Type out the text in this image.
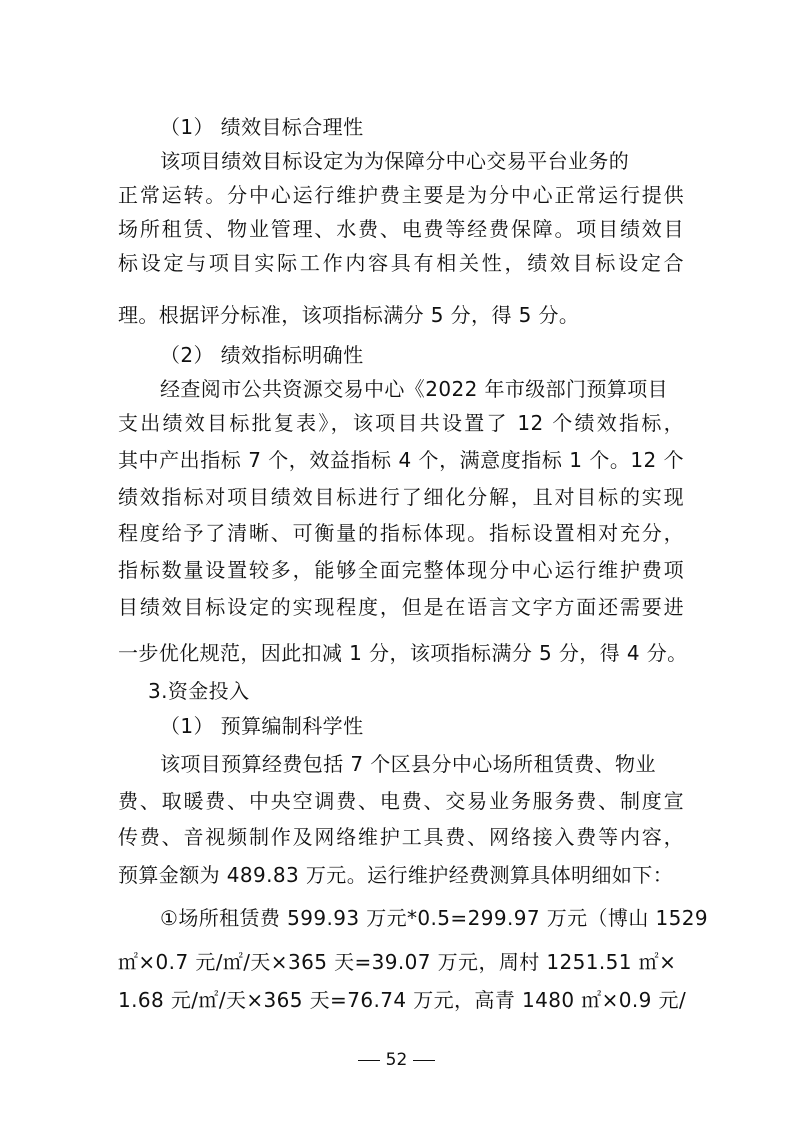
（1） 绩效目标合理性
该项目绩效目标设定为为保障分中心交易平台业务的
正常运转。分中心运行维护费主要是为分中心正常运行提供
场所租赁、物业管理、水费、电费等经费保障。项目绩效目
标设定与项目实际工作内容具有相关性，绩效目标设定合
理。根据评分标准，该项指标满分 5 分，得 5 分。
（2） 绩效指标明确性
经查阅市公共资源交易中心《2022 年市级部门预算项目
支出绩效目标批复表》，该项目共设置了 12 个绩效指标，
其中产出指标 7 个，效益指标 4 个，满意度指标 1 个。12 个
绩效指标对项目绩效目标进行了细化分解，且对目标的实现
程度给予了清晰、可衡量的指标体现。指标设置相对充分，
指标数量设置较多，能够全面完整体现分中心运行维护费项
目绩效目标设定的实现程度，但是在语言文字方面还需要进
一步优化规范，因此扣减 1 分，该项指标满分 5 分，得 4 分。
3.资金投入
（1） 预算编制科学性
该项目预算经费包括 7 个区县分中心场所租赁费、物业
费、取暖费、中央空调费、电费、交易业务服务费、制度宣
传费、音视频制作及网络维护工具费、网络接入费等内容，
预算金额为 489.83 万元。运行维护经费测算具体明细如下：
①场所租赁费 599.93 万元*0.5=299.97 万元（博山 1529
㎡×0.7 元/㎡/天×365 天=39.07 万元，周村 1251.51 ㎡×
1.68 元/㎡/天×365 天=76.74 万元，高青 1480 ㎡×0.9 元/
52
